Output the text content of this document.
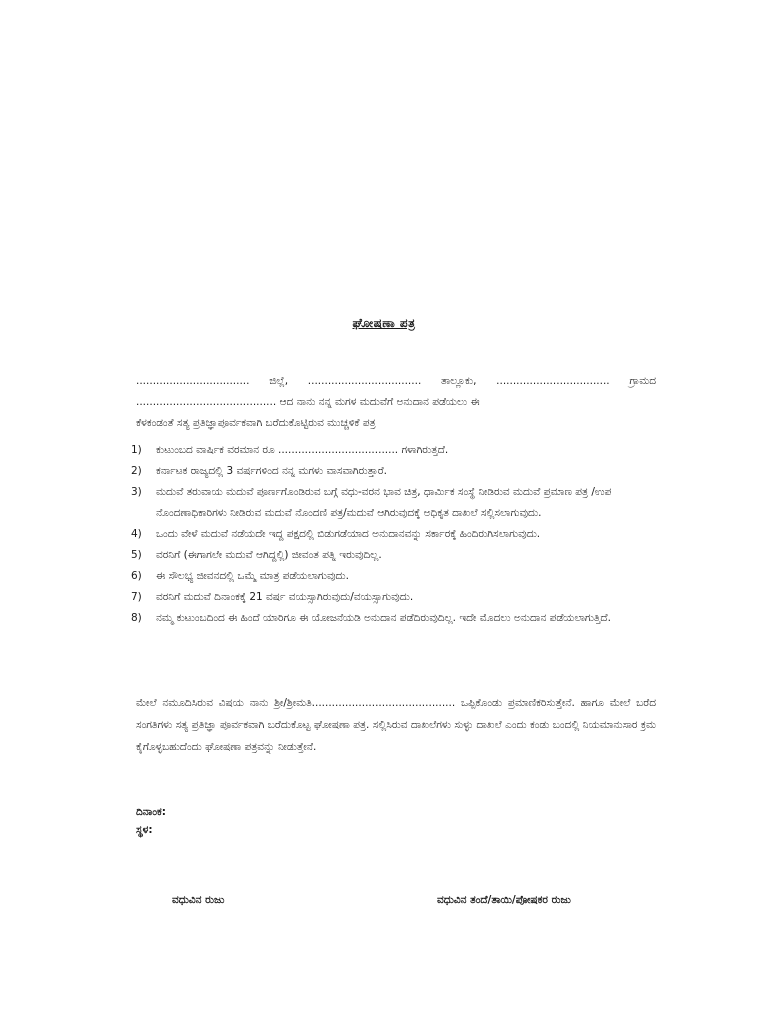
ಘೋಷಣಾ ಪತ್ರ
.................................. ಜಿಲ್ಲೆ, .................................. ತಾಲ್ಲೂಕು, .................................. ಗ್ರಾಮದ
.......................................... ಆದ ನಾನು ನನ್ನ ಮಗಳ ಮದುವೆಗೆ ಅನುದಾನ ಪಡೆಯಲು ಈ
ಕೆಳಕಂಡಂತೆ ಸತ್ಯ ಪ್ರತಿಜ್ಞಾಪೂರ್ವಕವಾಗಿ ಬರೆದುಕೊಟ್ಟಿರುವ ಮುಚ್ಚಳಿಕೆ ಪತ್ರ
1) ಕುಟುಂಬದ ವಾರ್ಷಿಕ ವರಮಾನ ರೂ .................................... ಗಳಾಗಿರುತ್ತದೆ.
2) ಕರ್ನಾಟಕ ರಾಜ್ಯದಲ್ಲಿ 3 ವರ್ಷಗಳಿಂದ ನನ್ನ ಮಗಳು ವಾಸವಾಗಿರುತ್ತಾರೆ.
3) ಮದುವೆ ತರುವಾಯ ಮದುವೆ ಪೂರ್ಣಗೊಂಡಿರುವ ಬಗ್ಗೆ ವಧು-ವರನ ಭಾವ ಚಿತ್ರ, ಧಾರ್ಮಿಕ ಸಂಸ್ಥೆ ನೀಡಿರುವ ಮದುವೆ ಪ್ರಮಾಣ ಪತ್ರ /ಉಪ ನೊಂದಣಾಧಿಕಾರಿಗಳು ನೀಡಿರುವ ಮದುವೆ ನೊಂದಣಿ ಪತ್ರ/ಮದುವೆ ಆಗಿರುವುದಕ್ಕೆ ಅಧಿಕೃತ ದಾಖಲೆ ಸಲ್ಲಿಸಲಾಗುವುದು.
4) ಒಂದು ವೇಳೆ ಮದುವೆ ನಡೆಯದೇ ಇದ್ದ ಪಕ್ಷದಲ್ಲಿ ಬಿಡುಗಡೆಯಾದ ಅನುದಾನವನ್ನು ಸರ್ಕಾರಕ್ಕೆ ಹಿಂದಿರುಗಿಸಲಾಗುವುದು.
5) ವರನಿಗೆ (ಈಗಾಗಲೇ ಮದುವೆ ಆಗಿದ್ದಲ್ಲಿ) ಜೀವಂತ ಪತ್ನಿ ಇರುವುದಿಲ್ಲ.
6) ಈ ಸೌಲಭ್ಯ ಜೀವನದಲ್ಲಿ ಒಮ್ಮೆ ಮಾತ್ರ ಪಡೆಯಲಾಗುವುದು.
7) ವರನಿಗೆ ಮದುವೆ ದಿನಾಂಕಕ್ಕೆ 21 ವರ್ಷ ವಯಸ್ಸಾಗಿರುವುದು/ವಯಸ್ಸಾಗುವುದು.
8) ನಮ್ಮ ಕುಟುಂಬದಿಂದ ಈ ಹಿಂದೆ ಯಾರಿಗೂ ಈ ಯೋಜನೆಯಡಿ ಅನುದಾನ ಪಡೆದಿರುವುದಿಲ್ಲ. ಇದೇ ಮೊದಲು ಅನುದಾನ ಪಡೆಯಲಾಗುತ್ತಿದೆ.
ಮೇಲೆ ನಮೂದಿಸಿರುವ ವಿಷಯ ನಾನು ಶ್ರೀ/ಶ್ರೀಮತಿ........................................... ಒಪ್ಪಿಕೊಂಡು ಪ್ರಮಾಣಿಕರಿಸುತ್ತೇನೆ. ಹಾಗೂ ಮೇಲೆ ಬರೆದ ಸಂಗತಿಗಳು ಸತ್ಯ ಪ್ರತಿಜ್ಞಾ ಪೂರ್ವಕವಾಗಿ ಬರೆದುಕೊಟ್ಟ ಘೋಷಣಾ ಪತ್ರ. ಸಲ್ಲಿಸಿರುವ ದಾಖಲೆಗಳು ಸುಳ್ಳು ದಾಖಲೆ ಎಂದು ಕಂಡು ಬಂದಲ್ಲಿ ನಿಯಮಾನುಸಾರ ಕ್ರಮ ಕೈಗೊಳ್ಳಬಹುದೆಂದು ಘೋಷಣಾ ಪತ್ರವನ್ನು ನೀಡುತ್ತೇನೆ.
ದಿನಾಂಕ:
ಸ್ಥಳ:
ವಧುವಿನ ರುಜು	ವಧುವಿನ ತಂದೆ/ತಾಯಿ/ಪೋಷಕರ ರುಜು
